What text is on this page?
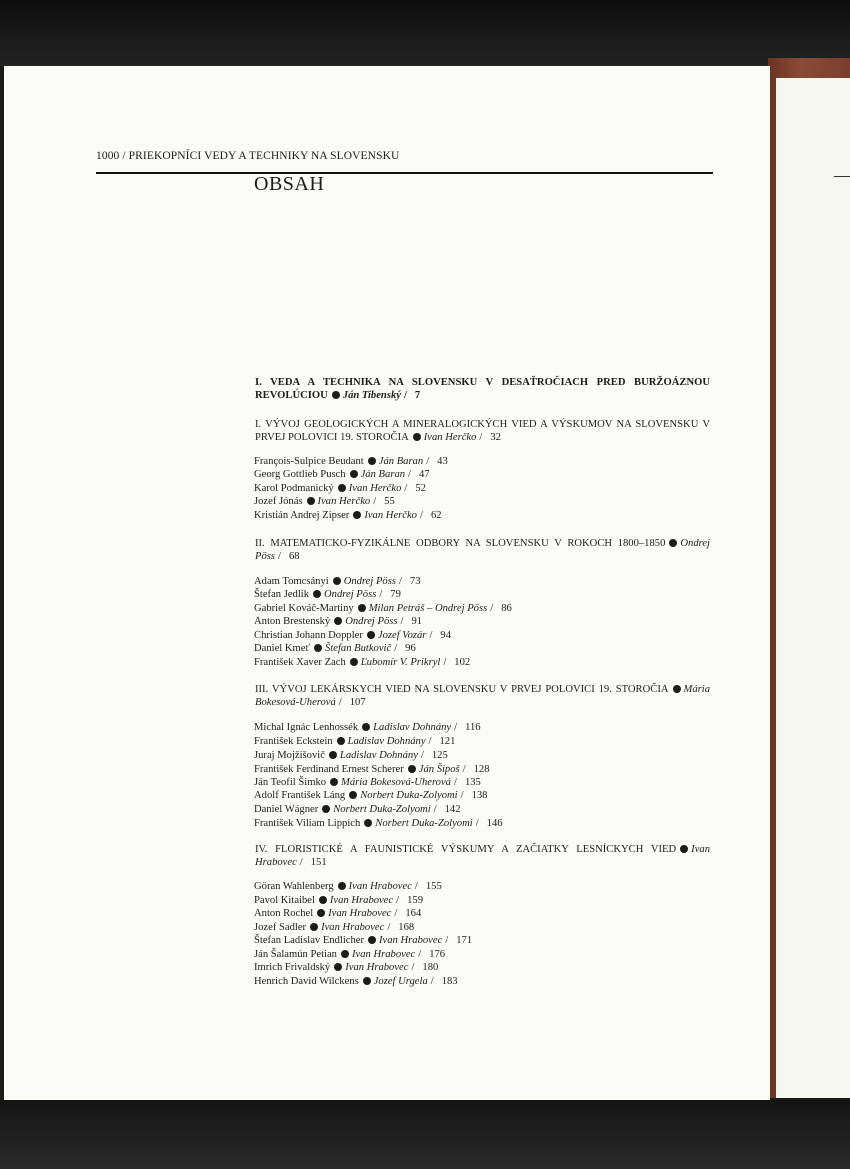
1000 / PRIEKOPNÍCI VEDY A TECHNIKY NA SLOVENSKU
OBSAH
I. VEDA A TECHNIKA NA SLOVENSKU V DESAŤROČIACH PRED BURŽOÁZNOU REVOLÚCIOU Ján Tibenský / 7
I. VÝVOJ GEOLOGICKÝCH A MINERALOGICKÝCH VIED A VÝSKUMOV NA SLOVENSKU V PRVEJ POLOVICI 19. STOROČIA Ivan Herčko / 32
II. MATEMATICKO-FYZIKÁLNE ODBORY NA SLOVENSKU V ROKOCH 1800–1850 Ondrej Pöss / 68
III. VÝVOJ LEKÁRSKYCH VIED NA SLOVENSKU V PRVEJ POLOVICI 19. STOROČIA Mária Bokesová-Uherová / 107
IV. FLORISTICKÉ A FAUNISTICKÉ VÝSKUMY A ZAČIATKY LESNÍCKYCH VIED Ivan Hrabovec / 151
François-Sulpice Beudant Ján Baran / 43
Georg Gottlieb Pusch Ján Baran / 47
Karol Podmanický Ivan Herčko / 52
Jozef Jónás Ivan Herčko / 55
Kristián Andrej Zipser Ivan Herčko / 62
Adam Tomcsányi Ondrej Pöss / 73
Štefan Jedlik Ondrej Pöss / 79
Gabriel Kováč-Martiny Milan Petráš – Ondrej Pöss / 86
Anton Brestenský Ondrej Pöss / 91
Christian Johann Doppler Jozef Vozár / 94
Daniel Kmeť Štefan Butkovič / 96
František Xaver Zach Ľubomír V. Prikryl / 102
Michal Ignác Lenhossék Ladislav Dohnány / 116
František Eckstein Ladislav Dohnány / 121
Juraj Mojžišovič Ladislav Dohnány / 125
František Ferdinand Ernest Scherer Ján Šipoš / 128
Ján Teofil Šimko Mária Bokesová-Uherová / 135
Adolf František Láng Norbert Duka-Zolyomi / 138
Daniel Wágner Norbert Duka-Zolyomi / 142
František Viliam Lippich Norbert Duka-Zolyomi / 146
Göran Wahlenberg Ivan Hrabovec / 155
Pavol Kitaibel Ivan Hrabovec / 159
Anton Rochel Ivan Hrabovec / 164
Jozef Sadler Ivan Hrabovec / 168
Štefan Ladislav Endlicher Ivan Hrabovec / 171
Ján Šalamún Petian Ivan Hrabovec / 176
Imrich Frivaldský Ivan Hrabovec / 180
Henrich David Wilckens Jozef Urgela / 183
